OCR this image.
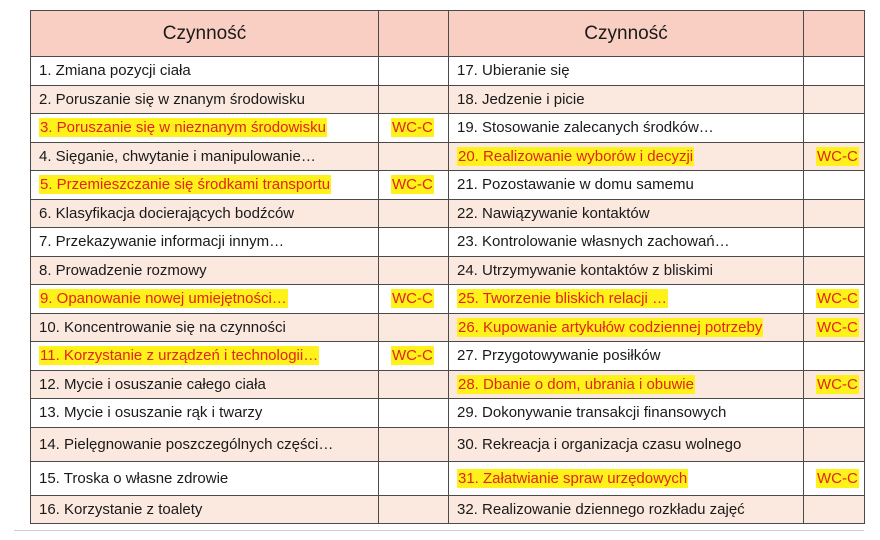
Czynność		Czynność	
1. Zmiana pozycji ciała		17. Ubieranie się	
2. Poruszanie się w znanym środowisku		18. Jedzenie i picie	
3. Poruszanie się w nieznanym środowisku	WC-C	19. Stosowanie zalecanych środków…	
4. Sięganie, chwytanie i manipulowanie…		20. Realizowanie wyborów i decyzji	WC-C
5. Przemieszczanie się środkami transportu	WC-C	21. Pozostawanie w domu samemu	
6. Klasyfikacja docierających bodźców		22. Nawiązywanie kontaktów	
7. Przekazywanie informacji innym…		23. Kontrolowanie własnych zachowań…	
8. Prowadzenie rozmowy		24. Utrzymywanie kontaktów z bliskimi	
9. Opanowanie nowej umiejętności…	WC-C	25. Tworzenie bliskich relacji …	WC-C
10. Koncentrowanie się na czynności		26. Kupowanie artykułów codziennej potrzeby	WC-C
11. Korzystanie z urządzeń i technologii…	WC-C	27. Przygotowywanie posiłków	
12. Mycie i osuszanie całego ciała		28. Dbanie o dom, ubrania i obuwie	WC-C
13. Mycie i osuszanie rąk i twarzy		29. Dokonywanie transakcji finansowych	
14. Pielęgnowanie poszczególnych części…		30. Rekreacja i organizacja czasu wolnego	
15. Troska o własne zdrowie		31. Załatwianie spraw urzędowych	WC-C
16. Korzystanie z toalety		32. Realizowanie dziennego rozkładu zajęć	
